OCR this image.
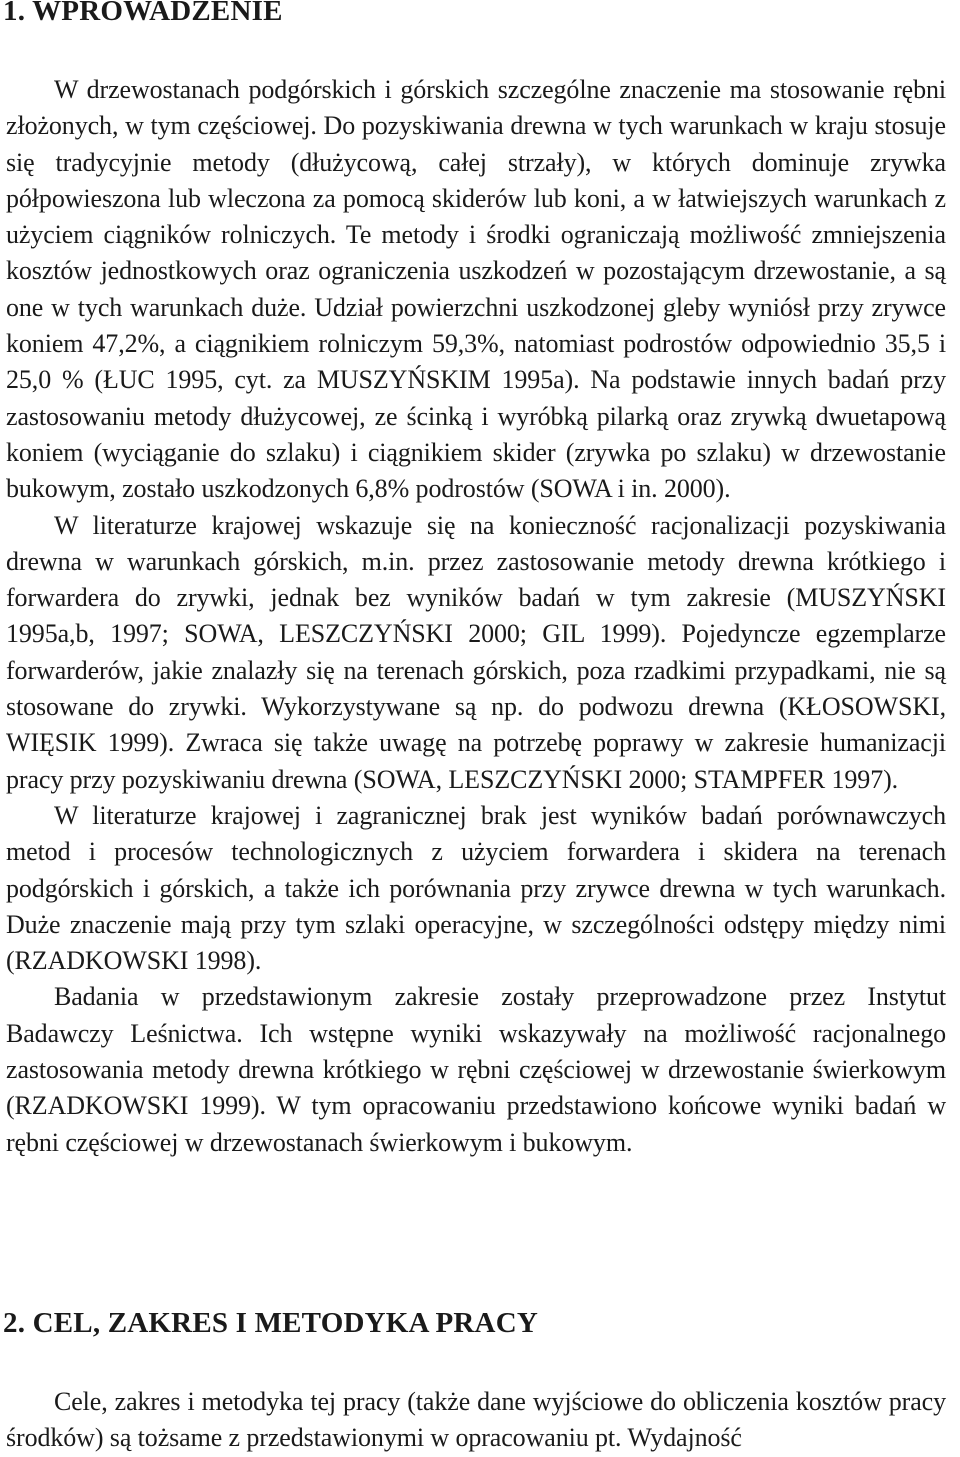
1. WPROWADZENIE

W drzewostanach podgórskich i górskich szczególne znaczenie ma stosowanie rębni złożonych, w tym częściowej. Do pozyskiwania drewna w tych warunkach w kraju stosuje się tradycyjnie metody (dłużycową, całej strzały), w których dominuje zrywka półpowieszona lub wleczona za pomocą skiderów lub koni, a w łatwiejszych warunkach z użyciem ciągników rolniczych. Te metody i środki ograniczają możliwość zmniejszenia kosztów jednostkowych oraz ograniczenia uszkodzeń w pozostającym drzewostanie, a są one w tych warunkach duże. Udział powierzchni uszkodzonej gleby wyniósł przy zrywce koniem 47,2%, a ciągnikiem rolniczym 59,3%, natomiast podrostów odpowiednio 35,5 i 25,0 % (ŁUC 1995, cyt. za MUSZYŃSKIM 1995a). Na podstawie innych badań przy zastosowaniu metody dłużycowej, ze ścinką i wyróbką pilarką oraz zrywką dwuetapową koniem (wyciąganie do szlaku) i ciągnikiem skider (zrywka po szlaku) w drzewostanie bukowym, zostało uszkodzonych 6,8% podrostów (SOWA i in. 2000).

W literaturze krajowej wskazuje się na konieczność racjonalizacji pozyskiwania drewna w warunkach górskich, m.in. przez zastosowanie metody drewna krótkiego i forwardera do zrywki, jednak bez wyników badań w tym zakresie (MUSZYŃSKI 1995a,b, 1997; SOWA, LESZCZYŃSKI 2000; GIL 1999). Pojedyncze egzemplarze forwarderów, jakie znalazły się na terenach górskich, poza rzadkimi przypadkami, nie są stosowane do zrywki. Wykorzystywane są np. do podwozu drewna (KŁOSOWSKI, WIĘSIK 1999). Zwraca się także uwagę na potrzebę poprawy w zakresie humanizacji pracy przy pozyskiwaniu drewna (SOWA, LESZCZYŃSKI 2000; STAMPFER 1997).

W literaturze krajowej i zagranicznej brak jest wyników badań porównawczych metod i procesów technologicznych z użyciem forwardera i skidera na terenach podgórskich i górskich, a także ich porównania przy zrywce drewna w tych warunkach. Duże znaczenie mają przy tym szlaki operacyjne, w szczególności odstępy między nimi (RZADKOWSKI 1998).

Badania w przedstawionym zakresie zostały przeprowadzone przez Instytut Badawczy Leśnictwa. Ich wstępne wyniki wskazywały na możliwość racjonalnego zastosowania metody drewna krótkiego w rębni częściowej w drzewostanie świerkowym (RZADKOWSKI 1999). W tym opracowaniu przedstawiono końcowe wyniki badań w rębni częściowej w drzewostanach świerkowym i bukowym.

2. CEL, ZAKRES I METODYKA PRACY

Cele, zakres i metodyka tej pracy (także dane wyjściowe do obliczenia kosztów pracy środków) są tożsame z przedstawionymi w opracowaniu pt. Wydajność
